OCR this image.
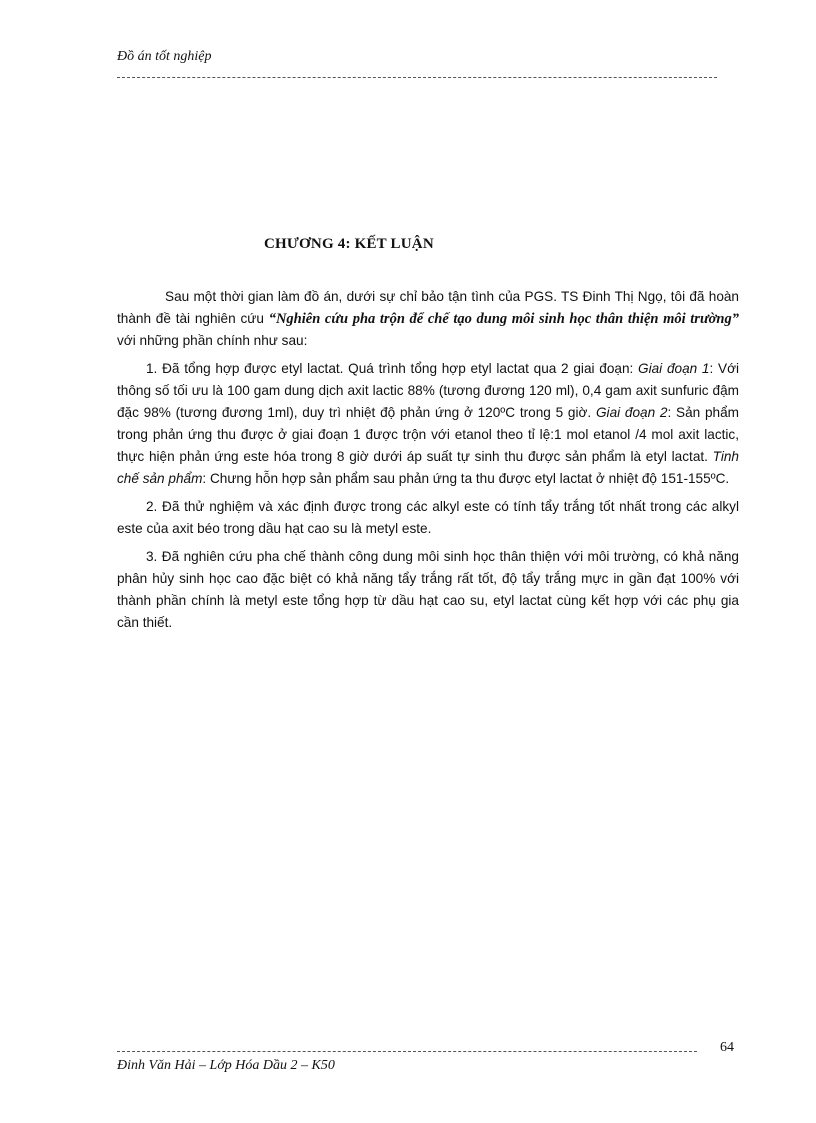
Đồ án tốt nghiệp
CHƯƠNG 4: KẾT LUẬN

Sau một thời gian làm đồ án, dưới sự chỉ bảo tận tình của PGS. TS Đinh Thị Ngọ, tôi đã hoàn thành đề tài nghiên cứu “Nghiên cứu pha trộn để chế tạo dung môi sinh học thân thiện môi trường” với những phần chính như sau:

1. Đã tổng hợp được etyl lactat. Quá trình tổng hợp etyl lactat qua 2 giai đoạn: Giai đoạn 1: Với thông số tối ưu là 100 gam dung dịch axit lactic 88% (tương đương 120 ml), 0,4 gam axit sunfuric đậm đặc 98% (tương đương 1ml), duy trì nhiệt độ phản ứng ở 120ºC trong 5 giờ. Giai đoạn 2: Sản phẩm trong phản ứng thu được ở giai đoạn 1 được trộn với etanol theo tỉ lệ:1 mol etanol /4 mol axit lactic, thực hiện phản ứng este hóa trong 8 giờ dưới áp suất tự sinh thu được sản phẩm là etyl lactat. Tinh chế sản phẩm: Chưng hỗn hợp sản phẩm sau phản ứng ta thu được etyl lactat ở nhiệt độ 151-155ºC.

2. Đã thử nghiệm và xác định được trong các alkyl este có tính tẩy trắng tốt nhất trong các alkyl este của axit béo trong dầu hạt cao su là metyl este.

3. Đã nghiên cứu pha chế thành công dung môi sinh học thân thiện với môi trường, có khả năng phân hủy sinh học cao đặc biệt có khả năng tẩy trắng rất tốt, độ tẩy trắng mực in gần đạt 100% với thành phần chính là metyl este tổng hợp từ dầu hạt cao su, etyl lactat cùng kết hợp với các phụ gia cần thiết.

64
Đinh Văn Hải – Lớp Hóa Dầu 2 – K50
